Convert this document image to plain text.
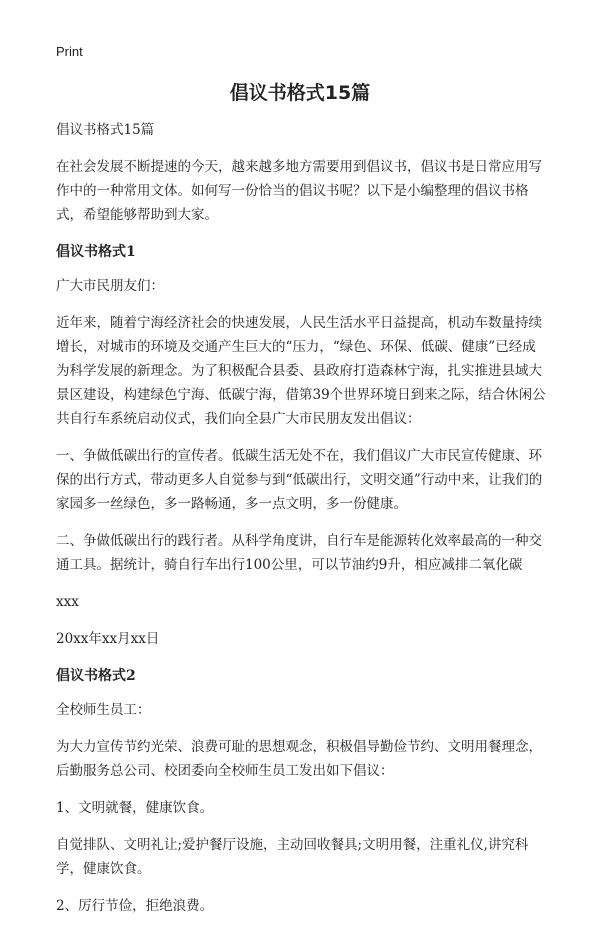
Print
倡议书格式15篇

倡议书格式15篇

在社会发展不断提速的今天，越来越多地方需要用到倡议书，倡议书是日常应用写作中的一种常用文体。如何写一份恰当的倡议书呢？以下是小编整理的倡议书格式，希望能够帮助到大家。

倡议书格式1

广大市民朋友们：

近年来，随着宁海经济社会的快速发展，人民生活水平日益提高，机动车数量持续增长，对城市的环境及交通产生巨大的“压力，“绿色、环保、低碳、健康”已经成为科学发展的新理念。为了积极配合县委、县政府打造森林宁海，扎实推进县域大景区建设，构建绿色宁海、低碳宁海，借第39个世界环境日到来之际，结合休闲公共自行车系统启动仪式，我们向全县广大市民朋友发出倡议：

一、争做低碳出行的宣传者。低碳生活无处不在，我们倡议广大市民宣传健康、环保的出行方式，带动更多人自觉参与到“低碳出行，文明交通”行动中来，让我们的家园多一丝绿色，多一路畅通，多一点文明，多一份健康。

二、争做低碳出行的践行者。从科学角度讲，自行车是能源转化效率最高的一种交通工具。据统计，骑自行车出行100公里，可以节油约9升，相应减排二氧化碳

xxx

20xx年xx月xx日

倡议书格式2

全校师生员工：

为大力宣传节约光荣、浪费可耻的思想观念，积极倡导勤俭节约、文明用餐理念，后勤服务总公司、校团委向全校师生员工发出如下倡议：

1、文明就餐，健康饮食。

自觉排队、文明礼让;爱护餐厅设施，主动回收餐具;文明用餐，注重礼仪,讲究科学，健康饮食。

2、厉行节俭，拒绝浪费。
